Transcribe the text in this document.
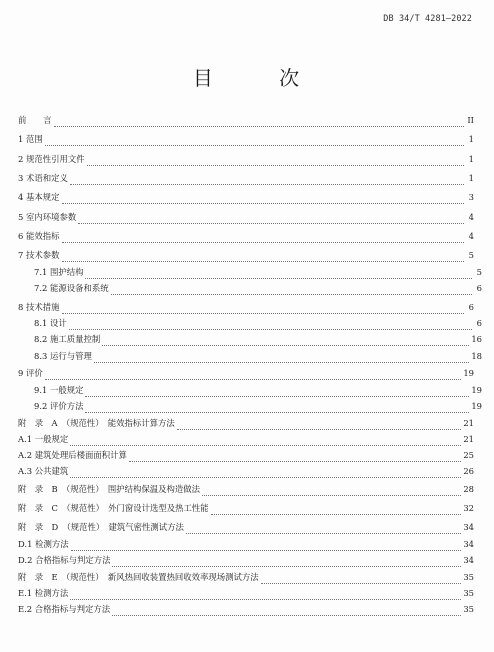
DB 34/T 4281—2022
目 次
前　　言	II
1 范围	1
2 规范性引用文件	1
3 术语和定义	1
4 基本规定	3
5 室内环境参数	4
6 能效指标	4
7 技术参数	5
7.1 围护结构	5
7.2 能源设备和系统	6
8 技术措施	6
8.1 设计	6
8.2 施工质量控制	16
8.3 运行与管理	18
9 评价	19
9.1 一般规定	19
9.2 评价方法	19
附　录　A　（规范性）　能效指标计算方法	21
A.1 一般规定	21
A.2 建筑处理后楼面面积计算	25
A.3 公共建筑	26
附　录　B　（规范性）　围护结构保温及构造做法	28
附　录　C　（规范性）　外门窗设计选型及热工性能	32
附　录　D　（规范性）　建筑气密性测试方法	34
D.1 检测方法	34
D.2 合格指标与判定方法	34
附　录　E　（规范性）　新风热回收装置热回收效率现场测试方法	35
E.1 检测方法	35
E.2 合格指标与判定方法	35
